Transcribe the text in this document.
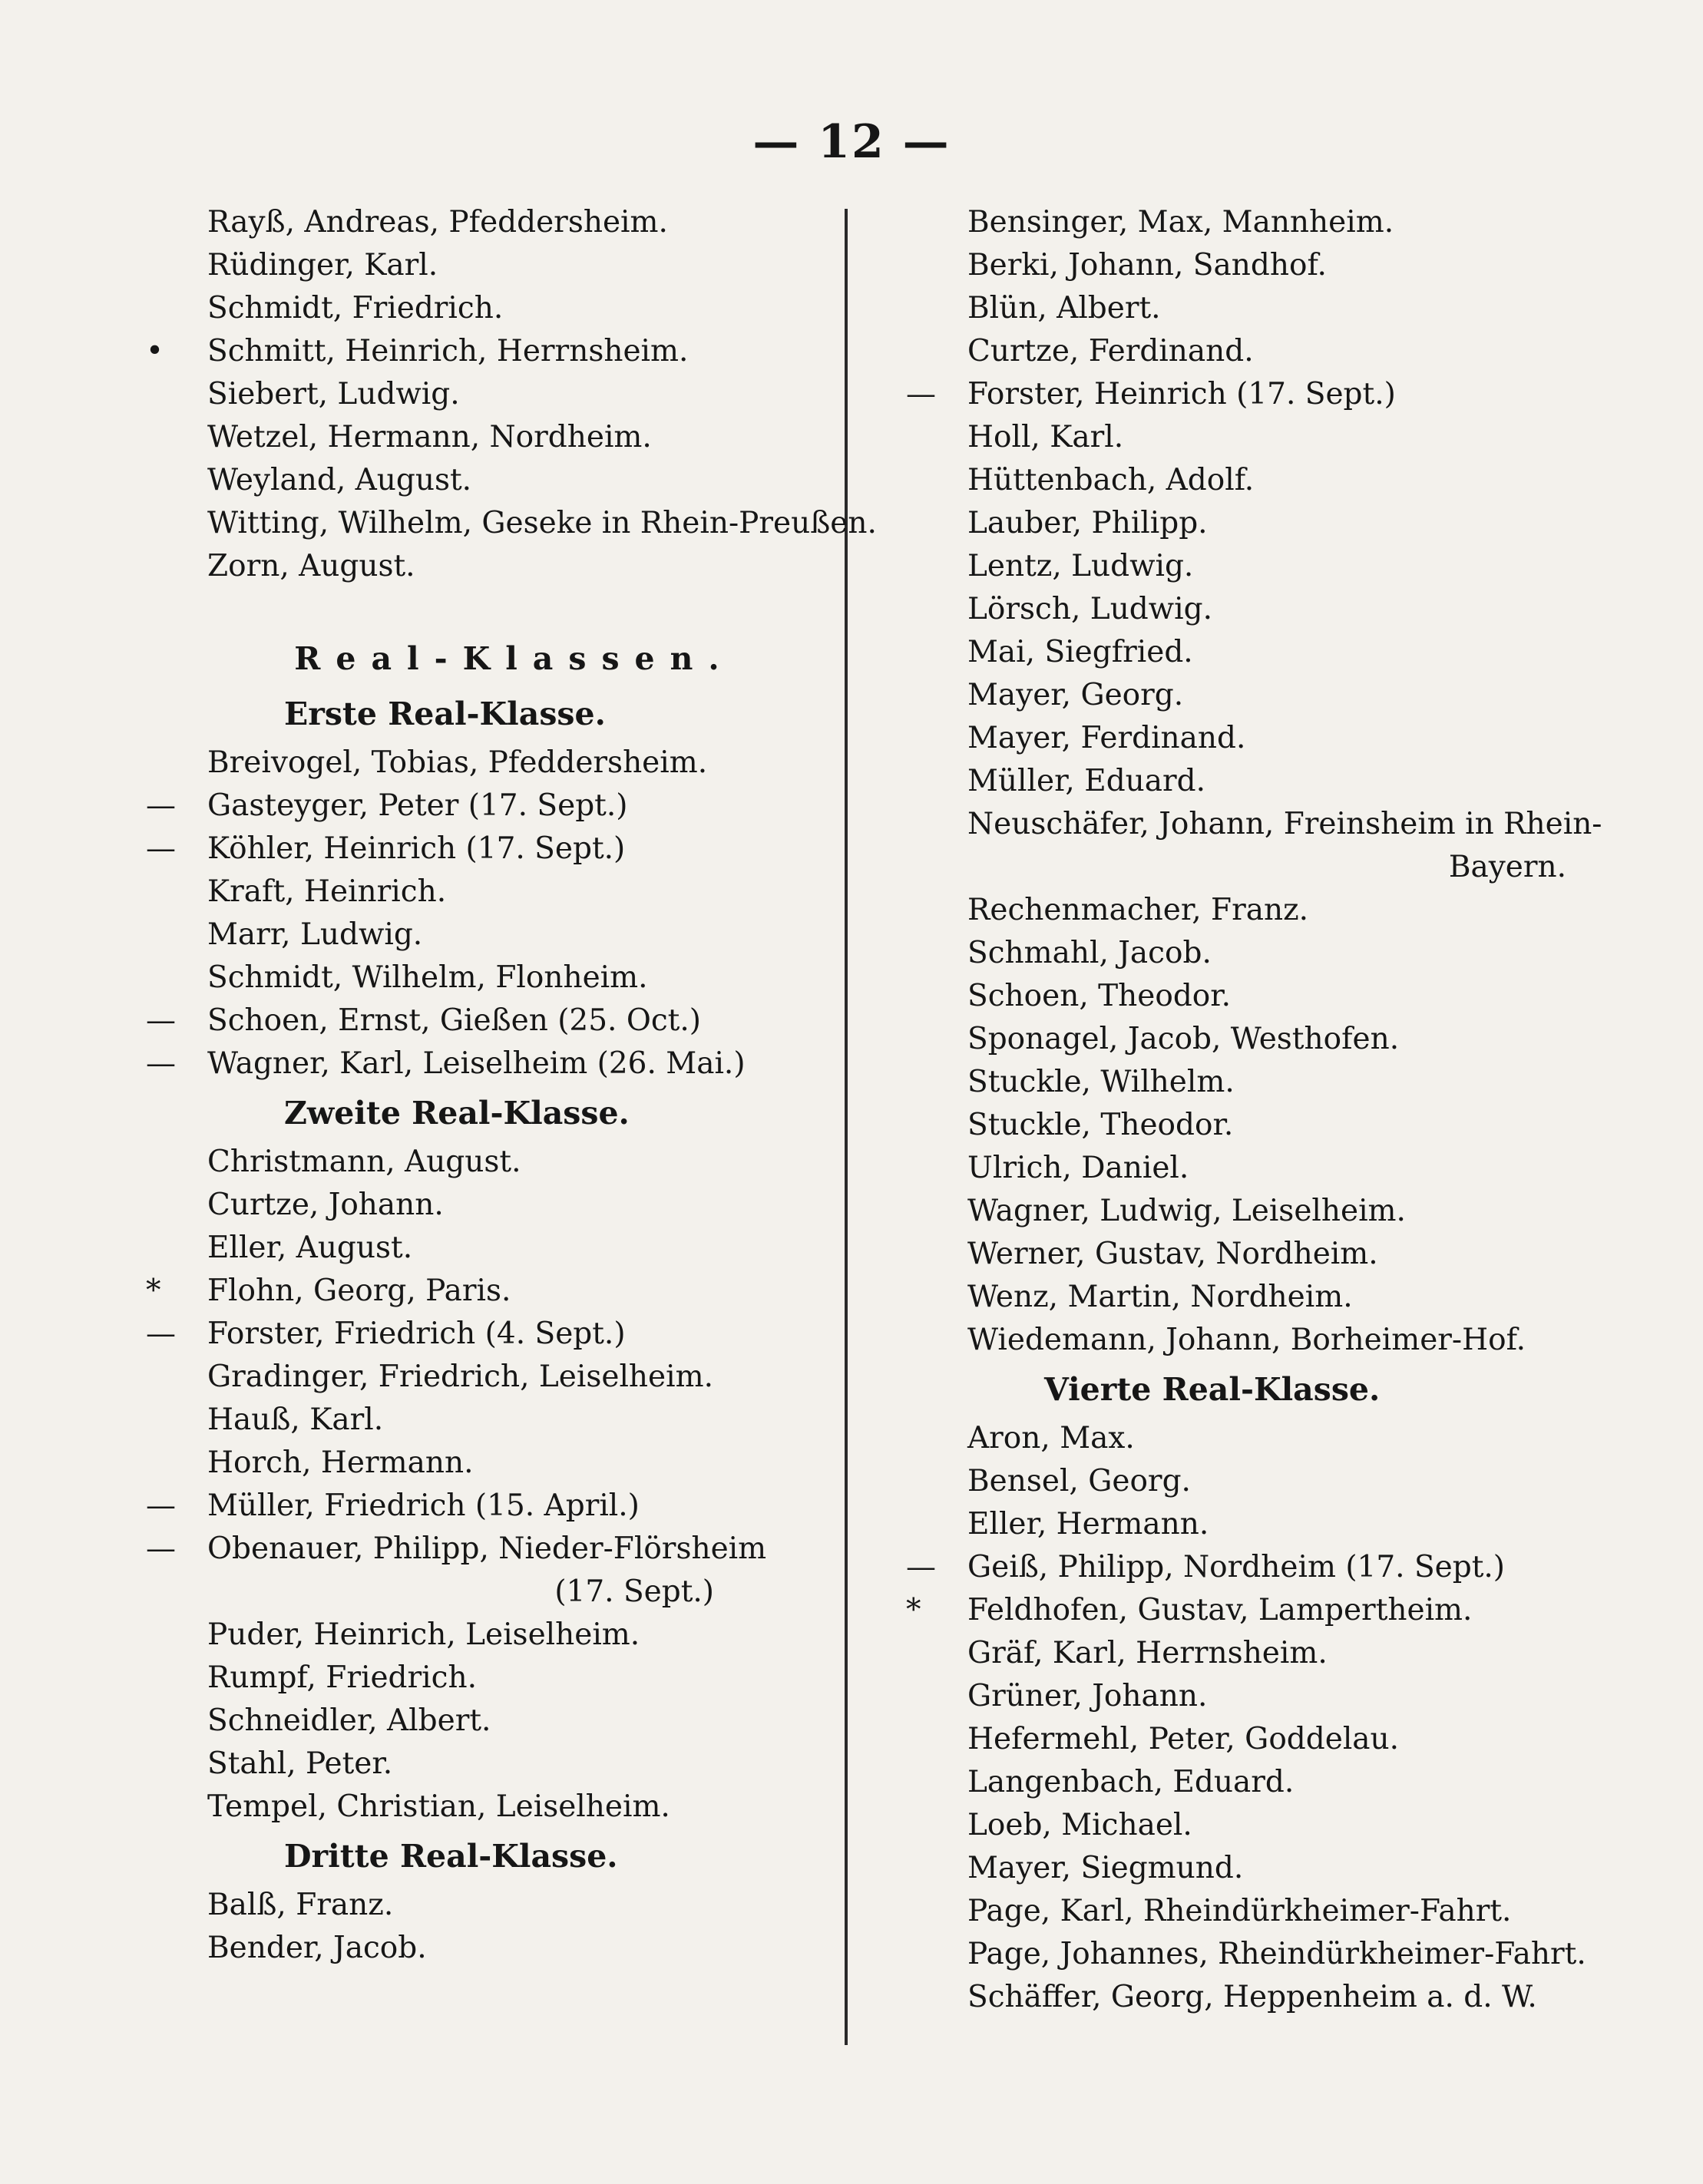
— 12 —
Rayß, Andreas, Pfeddersheim.
Rüdinger, Karl.
Schmidt, Friedrich.
•	Schmitt, Heinrich, Herrnsheim.
Siebert, Ludwig.
Wetzel, Hermann, Nordheim.
Weyland, August.
Witting, Wilhelm, Geseke in Rhein-Preußen.
Zorn, August.
Real-Klassen.
Erste Real-Klasse.
Breivogel, Tobias, Pfeddersheim.
—	Gasteyger, Peter (17. Sept.)
—	Köhler, Heinrich (17. Sept.)
Kraft, Heinrich.
Marr, Ludwig.
Schmidt, Wilhelm, Flonheim.
—	Schoen, Ernst, Gießen (25. Oct.)
—	Wagner, Karl, Leiselheim (26. Mai.)
Zweite Real-Klasse.
Christmann, August.
Curtze, Johann.
Eller, August.
*	Flohn, Georg, Paris.
—	Forster, Friedrich (4. Sept.)
Gradinger, Friedrich, Leiselheim.
Hauß, Karl.
Horch, Hermann.
—	Müller, Friedrich (15. April.)
—	Obenauer, Philipp, Nieder-Flörsheim
(17. Sept.)
Puder, Heinrich, Leiselheim.
Rumpf, Friedrich.
Schneidler, Albert.
Stahl, Peter.
Tempel, Christian, Leiselheim.
Dritte Real-Klasse.
Balß, Franz.
Bender, Jacob.
Bensinger, Max, Mannheim.
Berki, Johann, Sandhof.
Blün, Albert.
Curtze, Ferdinand.
—	Forster, Heinrich (17. Sept.)
Holl, Karl.
Hüttenbach, Adolf.
Lauber, Philipp.
Lentz, Ludwig.
Lörsch, Ludwig.
Mai, Siegfried.
Mayer, Georg.
Mayer, Ferdinand.
Müller, Eduard.
Neuschäfer, Johann, Freinsheim in Rhein-
Bayern.
Rechenmacher, Franz.
Schmahl, Jacob.
Schoen, Theodor.
Sponagel, Jacob, Westhofen.
Stuckle, Wilhelm.
Stuckle, Theodor.
Ulrich, Daniel.
Wagner, Ludwig, Leiselheim.
Werner, Gustav, Nordheim.
Wenz, Martin, Nordheim.
Wiedemann, Johann, Borheimer-Hof.
Vierte Real-Klasse.
Aron, Max.
Bensel, Georg.
Eller, Hermann.
—	Geiß, Philipp, Nordheim (17. Sept.)
*	Feldhofen, Gustav, Lampertheim.
Gräf, Karl, Herrnsheim.
Grüner, Johann.
Hefermehl, Peter, Goddelau.
Langenbach, Eduard.
Loeb, Michael.
Mayer, Siegmund.
Page, Karl, Rheindürkheimer-Fahrt.
Page, Johannes, Rheindürkheimer-Fahrt.
Schäffer, Georg, Heppenheim a. d. W.
